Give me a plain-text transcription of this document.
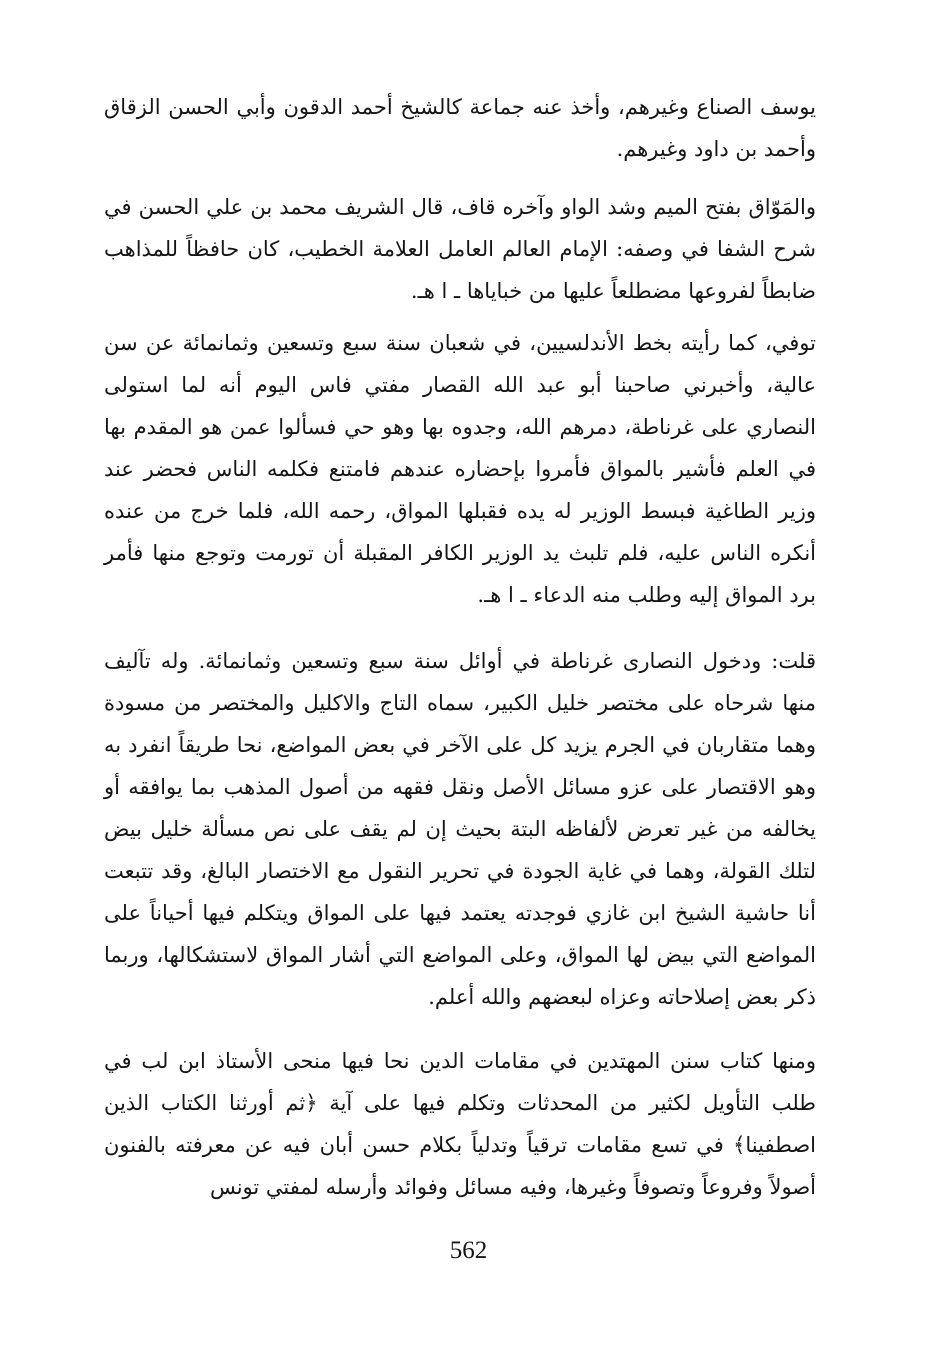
يوسف الصناع وغيرهم، وأخذ عنه جماعة كالشيخ أحمد الدقون وأبي الحسن الزقاق وأحمد بن داود وغيرهم.

والمَوّاق بفتح الميم وشد الواو وآخره قاف، قال الشريف محمد بن علي الحسن في شرح الشفا في وصفه: الإمام العالم العامل العلامة الخطيب، كان حافظاً للمذاهب ضابطاً لفروعها مضطلعاً عليها من خباياها ـ ا هـ.

توفي، كما رأيته بخط الأندلسيين، في شعبان سنة سبع وتسعين وثمانمائة عن سن عالية، وأخبرني صاحبنا أبو عبد الله القصار مفتي فاس اليوم أنه لما استولى النصاري على غرناطة، دمرهم الله، وجدوه بها وهو حي فسألوا عمن هو المقدم بها في العلم فأشير بالمواق فأمروا بإحضاره عندهم فامتنع فكلمه الناس فحضر عند وزير الطاغية فبسط الوزير له يده فقبلها المواق، رحمه الله، فلما خرج من عنده أنكره الناس عليه، فلم تلبث يد الوزير الكافر المقبلة أن تورمت وتوجع منها فأمر برد المواق إليه وطلب منه الدعاء ـ ا هـ.

قلت: ودخول النصارى غرناطة في أوائل سنة سبع وتسعين وثمانمائة. وله تآليف منها شرحاه على مختصر خليل الكبير، سماه التاج والاكليل والمختصر من مسودة وهما متقاربان في الجرم يزيد كل على الآخر في بعض المواضع، نحا طريقاً انفرد به وهو الاقتصار على عزو مسائل الأصل ونقل فقهه من أصول المذهب بما يوافقه أو يخالفه من غير تعرض لألفاظه البتة بحيث إن لم يقف على نص مسألة خليل بيض لتلك القولة، وهما في غاية الجودة في تحرير النقول مع الاختصار البالغ، وقد تتبعت أنا حاشية الشيخ ابن غازي فوجدته يعتمد فيها على المواق ويتكلم فيها أحياناً على المواضع التي بيض لها المواق، وعلى المواضع التي أشار المواق لاستشكالها، وربما ذكر بعض إصلاحاته وعزاه لبعضهم والله أعلم.

ومنها كتاب سنن المهتدين في مقامات الدين نحا فيها منحى الأستاذ ابن لب في طلب التأويل لكثير من المحدثات وتكلم فيها على آية ﴿ثم أورثنا الكتاب الذين اصطفينا﴾ في تسع مقامات ترقياً وتدلياً بكلام حسن أبان فيه عن معرفته بالفنون أصولاً وفروعاً وتصوفاً وغيرها، وفيه مسائل وفوائد وأرسله لمفتي تونس

562
